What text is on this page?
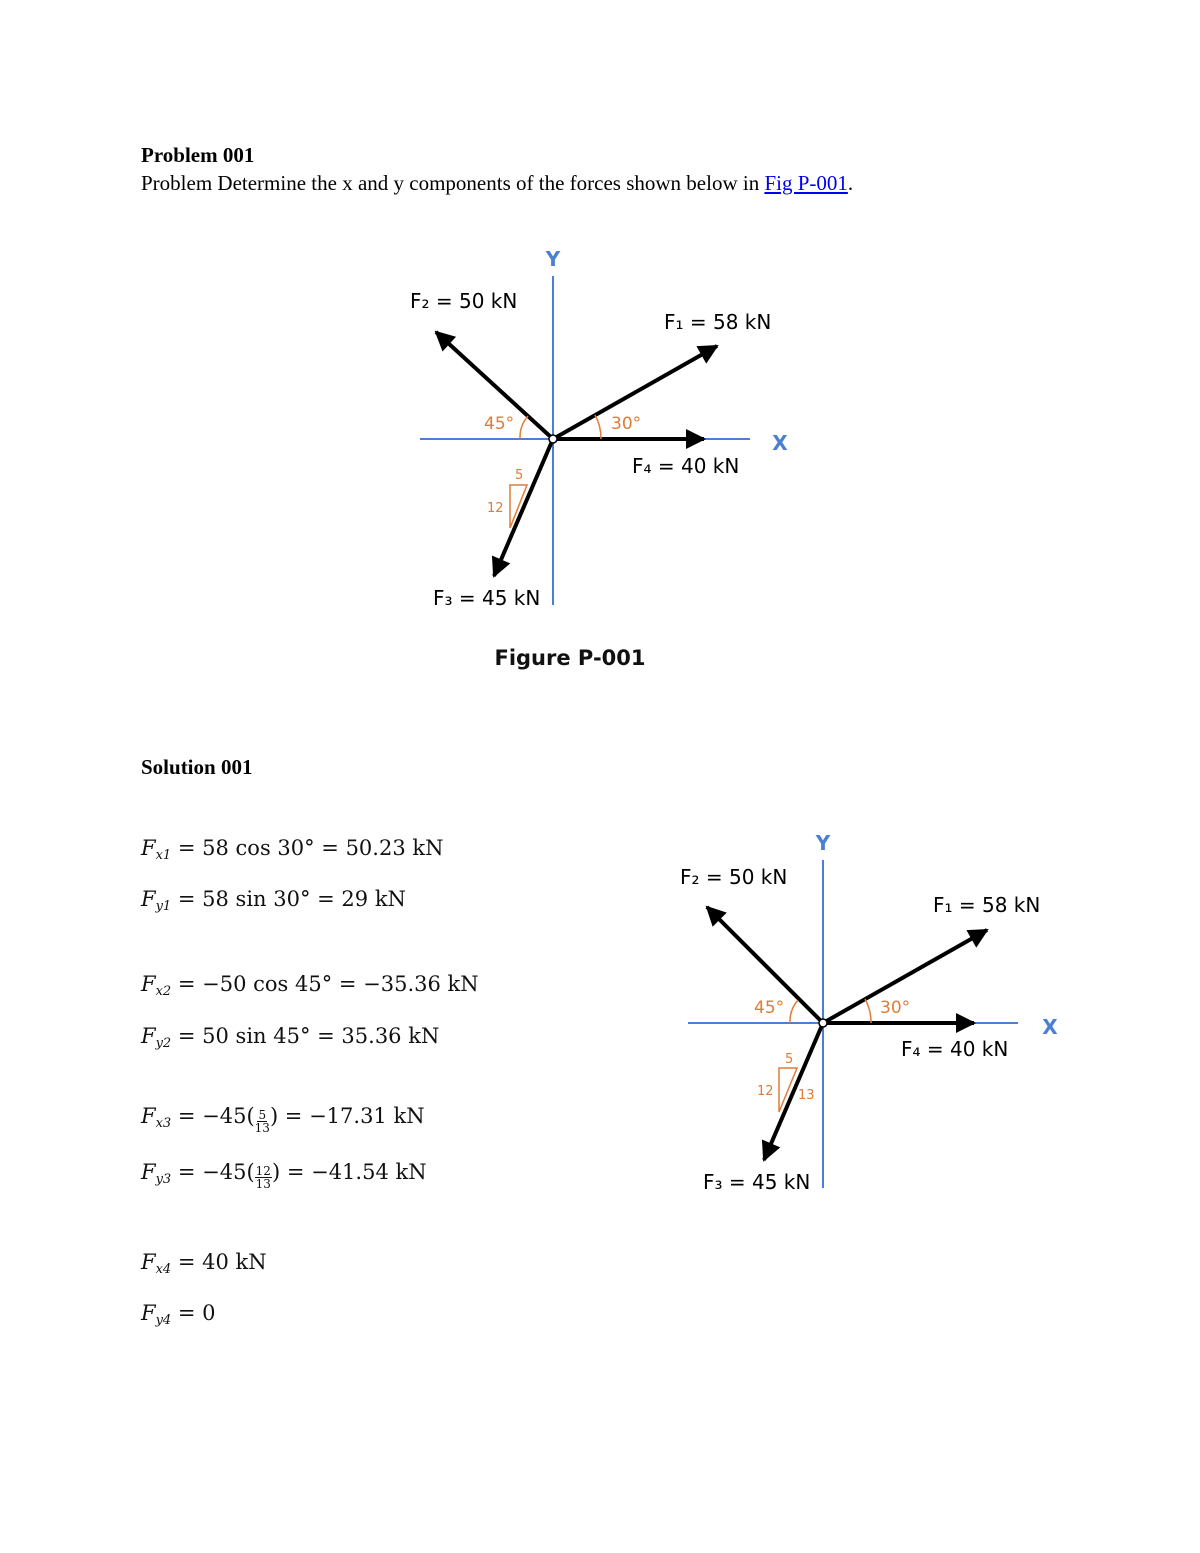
Problem 001
Problem Determine the x and y components of the forces shown below in Fig P-001.
Y
X
30°
45°
5
12
F₁ = 58 kN
F₂ = 50 kN
F₃ = 45 kN
F₄ = 40 kN
Figure P-001
Solution 001
$F_{x1} = 58$ cos 30° = 50.23 kN
$F_{y1} = 58$ sin 30° = 29 kN
$F_{x2} = -50$ cos 45° = −35.36 kN
$F_{y2} = 50$ sin 45° = 35.36 kN
$F_{x3} = -45( \frac{5}{13}$ ) = −17.31 kN
$F_{y3} = -45( \frac{12}{13}$ ) = −41.54 kN
$F_{x4} = 40$ kN
$F_{y4} = 0$
Y
X
30°
45°
5
12 13
F₁ = 58 kN
F₂ = 50 kN
F₃ = 45 kN
F₄ = 40 kN
